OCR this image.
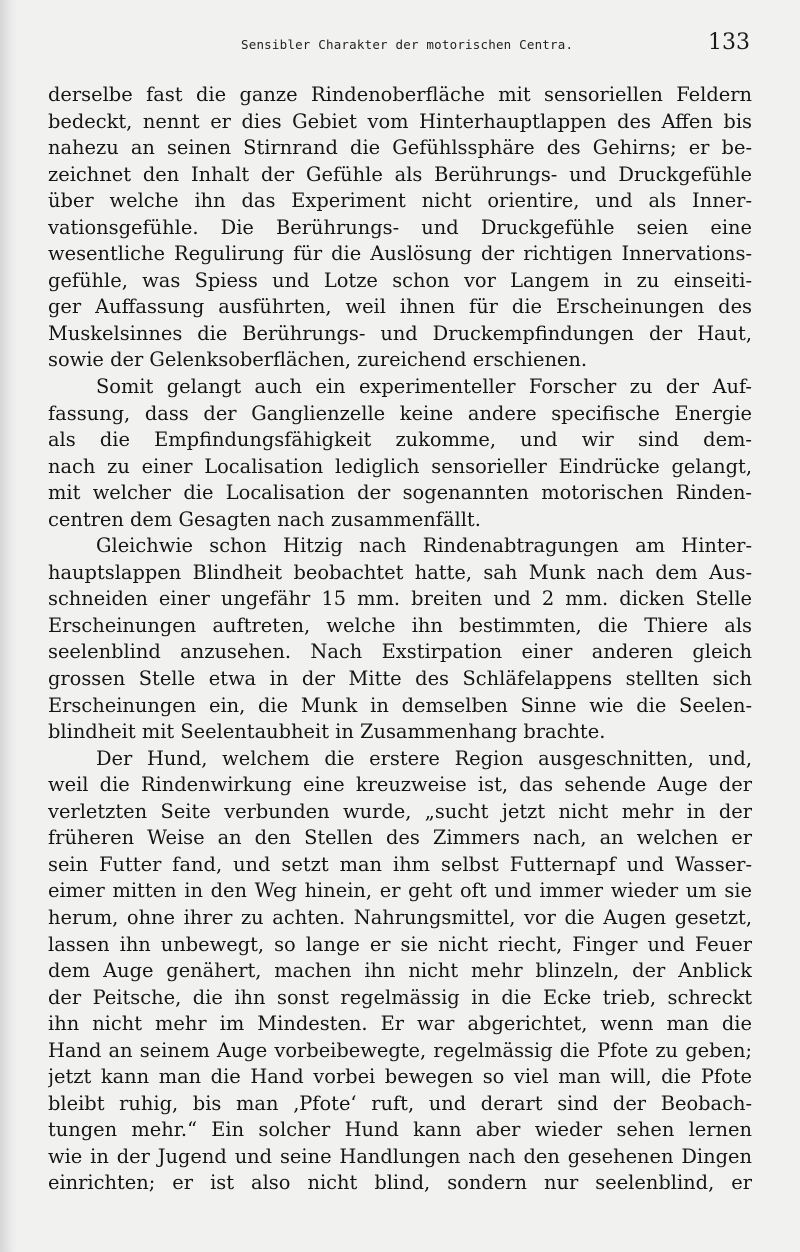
Sensibler Charakter der motorischen Centra.	133
derselbe fast die ganze Rindenoberfläche mit sensoriellen Feldern
bedeckt, nennt er dies Gebiet vom Hinterhauptlappen des Affen bis
nahezu an seinen Stirnrand die Gefühlssphäre des Gehirns; er be-
zeichnet den Inhalt der Gefühle als Berührungs- und Druckgefühle
über welche ihn das Experiment nicht orientire, und als Inner-
vationsgefühle. Die Berührungs- und Druckgefühle seien eine
wesentliche Regulirung für die Auslösung der richtigen Innervations-
gefühle, was Spiess und Lotze schon vor Langem in zu einseiti-
ger Auffassung ausführten, weil ihnen für die Erscheinungen des
Muskelsinnes die Berührungs- und Druckempfindungen der Haut,
sowie der Gelenksoberflächen, zureichend erschienen.
Somit gelangt auch ein experimenteller Forscher zu der Auf-
fassung, dass der Ganglienzelle keine andere specifische Energie
als die Empfindungsfähigkeit zukomme, und wir sind dem-
nach zu einer Localisation lediglich sensorieller Eindrücke gelangt,
mit welcher die Localisation der sogenannten motorischen Rinden-
centren dem Gesagten nach zusammenfällt.
Gleichwie schon Hitzig nach Rindenabtragungen am Hinter-
hauptslappen Blindheit beobachtet hatte, sah Munk nach dem Aus-
schneiden einer ungefähr 15 mm. breiten und 2 mm. dicken Stelle
Erscheinungen auftreten, welche ihn bestimmten, die Thiere als
seelenblind anzusehen. Nach Exstirpation einer anderen gleich
grossen Stelle etwa in der Mitte des Schläfelappens stellten sich
Erscheinungen ein, die Munk in demselben Sinne wie die Seelen-
blindheit mit Seelentaubheit in Zusammenhang brachte.
Der Hund, welchem die erstere Region ausgeschnitten, und,
weil die Rindenwirkung eine kreuzweise ist, das sehende Auge der
verletzten Seite verbunden wurde, „sucht jetzt nicht mehr in der
früheren Weise an den Stellen des Zimmers nach, an welchen er
sein Futter fand, und setzt man ihm selbst Futternapf und Wasser-
eimer mitten in den Weg hinein, er geht oft und immer wieder um sie
herum, ohne ihrer zu achten. Nahrungsmittel, vor die Augen gesetzt,
lassen ihn unbewegt, so lange er sie nicht riecht, Finger und Feuer
dem Auge genähert, machen ihn nicht mehr blinzeln, der Anblick
der Peitsche, die ihn sonst regelmässig in die Ecke trieb, schreckt
ihn nicht mehr im Mindesten. Er war abgerichtet, wenn man die
Hand an seinem Auge vorbeibewegte, regelmässig die Pfote zu geben;
jetzt kann man die Hand vorbei bewegen so viel man will, die Pfote
bleibt ruhig, bis man ‚Pfote‘ ruft, und derart sind der Beobach-
tungen mehr.“ Ein solcher Hund kann aber wieder sehen lernen
wie in der Jugend und seine Handlungen nach den gesehenen Dingen
einrichten; er ist also nicht blind, sondern nur seelenblind, er
